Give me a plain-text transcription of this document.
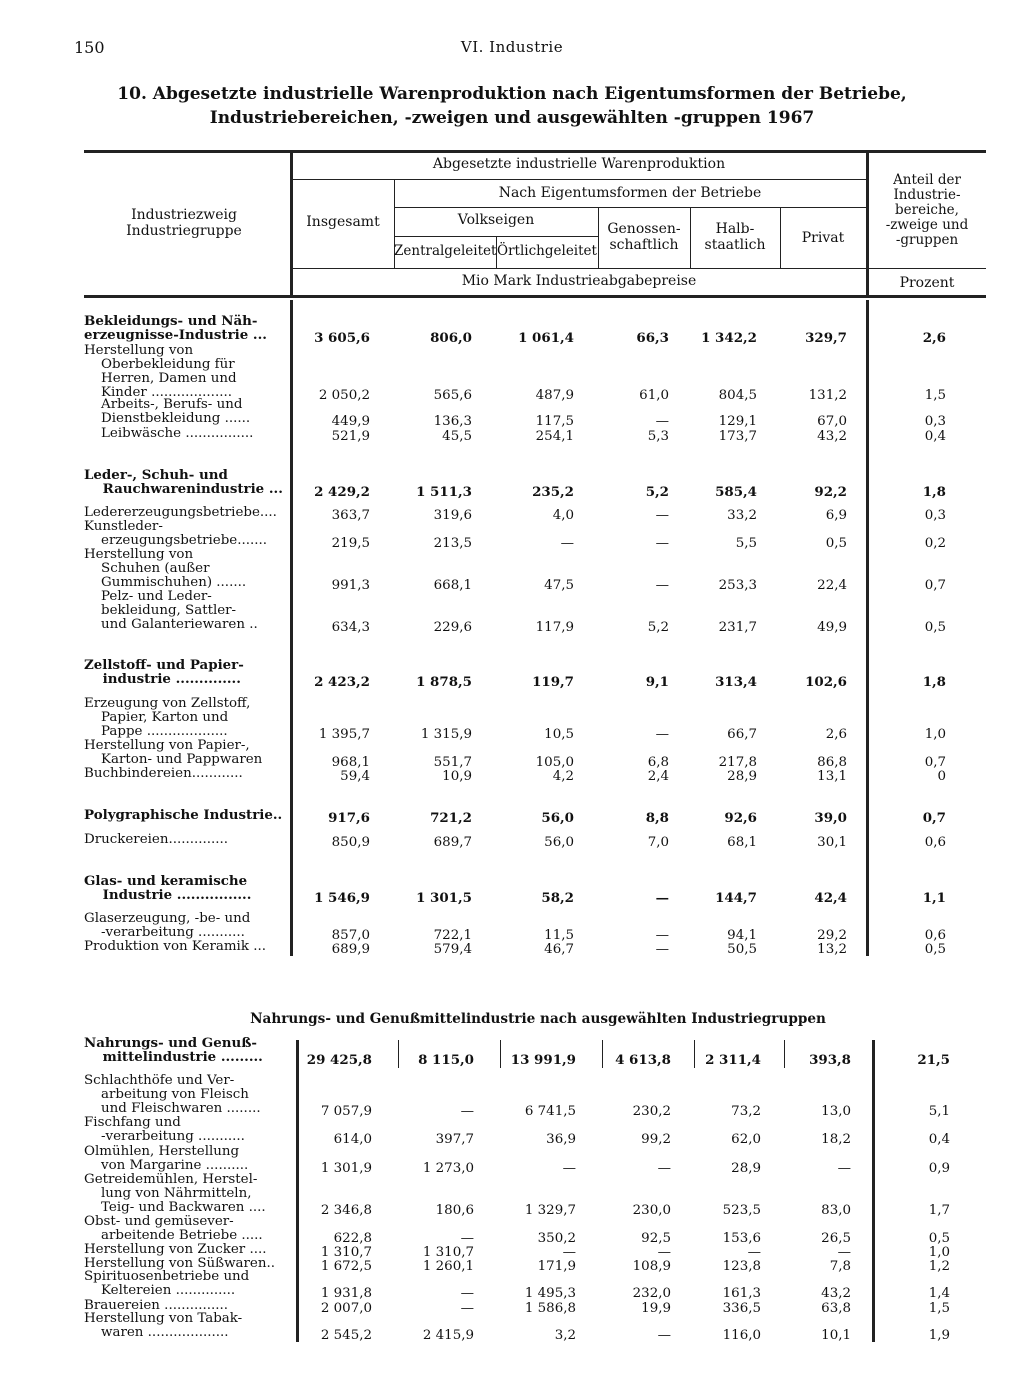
150	VI. Industrie
10. Abgesetzte industrielle Warenproduktion nach Eigentumsformen der Betriebe,
Industriebereichen, -zweigen und ausgewählten -gruppen 1967
Industriezweig
Industriegruppe
Abgesetzte industrielle Warenproduktion
Insgesamt
Nach Eigentumsformen der Betriebe
Volkseigen
Zentralgeleitet Örtlichgeleitet
Genossen-
schaftlich
Halb-
staatlich	Privat
Anteil der
Industrie-
bereiche,
-zweige und
-gruppen
Mio Mark Industrieabgabepreise	Prozent
Nahrungs- und Genußmittelindustrie nach ausgewählten Industriegruppen
Bekleidungs- und Näh-
erzeugnisse-Industrie ...	3 605,6	806,0	1 061,4	66,3	1 342,2	329,7	2,6
Herstellung von
Oberbekleidung für
Herren, Damen und
Kinder ...................	2 050,2	565,6	487,9	61,0	804,5	131,2	1,5
Arbeits-, Berufs- und
Dienstbekleidung ......	449,9	136,3	117,5	—	129,1	67,0	0,3
Leibwäsche ................	521,9	45,5	254,1	5,3	173,7	43,2	0,4
Leder-, Schuh- und
Rauchwarenindustrie ...	2 429,2	1 511,3	235,2	5,2	585,4	92,2	1,8
Ledererzeugungsbetriebe....	363,7	319,6	4,0	—	33,2	6,9	0,3
Kunstleder-
erzeugungsbetriebe.......	219,5	213,5	—	—	5,5	0,5	0,2
Herstellung von
Schuhen (außer
Gummischuhen) .......	991,3	668,1	47,5	—	253,3	22,4	0,7
Pelz- und Leder-
bekleidung, Sattler-
und Galanteriewaren ..	634,3	229,6	117,9	5,2	231,7	49,9	0,5
Zellstoff- und Papier-
industrie ..............	2 423,2	1 878,5	119,7	9,1	313,4	102,6	1,8
Erzeugung von Zellstoff,
Papier, Karton und
Pappe ...................	1 395,7	1 315,9	10,5	—	66,7	2,6	1,0
Herstellung von Papier-,
Karton- und Pappwaren	968,1	551,7	105,0	6,8	217,8	86,8	0,7
Buchbindereien............	59,4	10,9	4,2	2,4	28,9	13,1	0
Polygraphische Industrie..	917,6	721,2	56,0	8,8	92,6	39,0	0,7
Druckereien..............	850,9	689,7	56,0	7,0	68,1	30,1	0,6
Glas- und keramische
Industrie ................	1 546,9	1 301,5	58,2	—	144,7	42,4	1,1
Glaserzeugung, -be- und
-verarbeitung ...........	857,0	722,1	11,5	—	94,1	29,2	0,6
Produktion von Keramik ...	689,9	579,4	46,7	—	50,5	13,2	0,5
Nahrungs- und Genuß-
mittelindustrie .........	29 425,8	8 115,0	13 991,9	4 613,8	2 311,4	393,8	21,5
Schlachthöfe und Ver-
arbeitung von Fleisch
und Fleischwaren ........	7 057,9	—	6 741,5	230,2	73,2	13,0	5,1
Fischfang und
-verarbeitung ...........	614,0	397,7	36,9	99,2	62,0	18,2	0,4
Ölmühlen, Herstellung
von Margarine ..........	1 301,9	1 273,0	—	—	28,9	—	0,9
Getreidemühlen, Herstel-
lung von Nährmitteln,
Teig- und Backwaren ....	2 346,8	180,6	1 329,7	230,0	523,5	83,0	1,7
Obst- und gemüsever-
arbeitende Betriebe .....	622,8	—	350,2	92,5	153,6	26,5	0,5
Herstellung von Zucker ....	1 310,7	1 310,7	—	—	—	—	1,0
Herstellung von Süßwaren..	1 672,5	1 260,1	171,9	108,9	123,8	7,8	1,2
Spirituosenbetriebe und
Keltereien ..............	1 931,8	—	1 495,3	232,0	161,3	43,2	1,4
Brauereien ...............	2 007,0	—	1 586,8	19,9	336,5	63,8	1,5
Herstellung von Tabak-
waren ...................	2 545,2	2 415,9	3,2	—	116,0	10,1	1,9
